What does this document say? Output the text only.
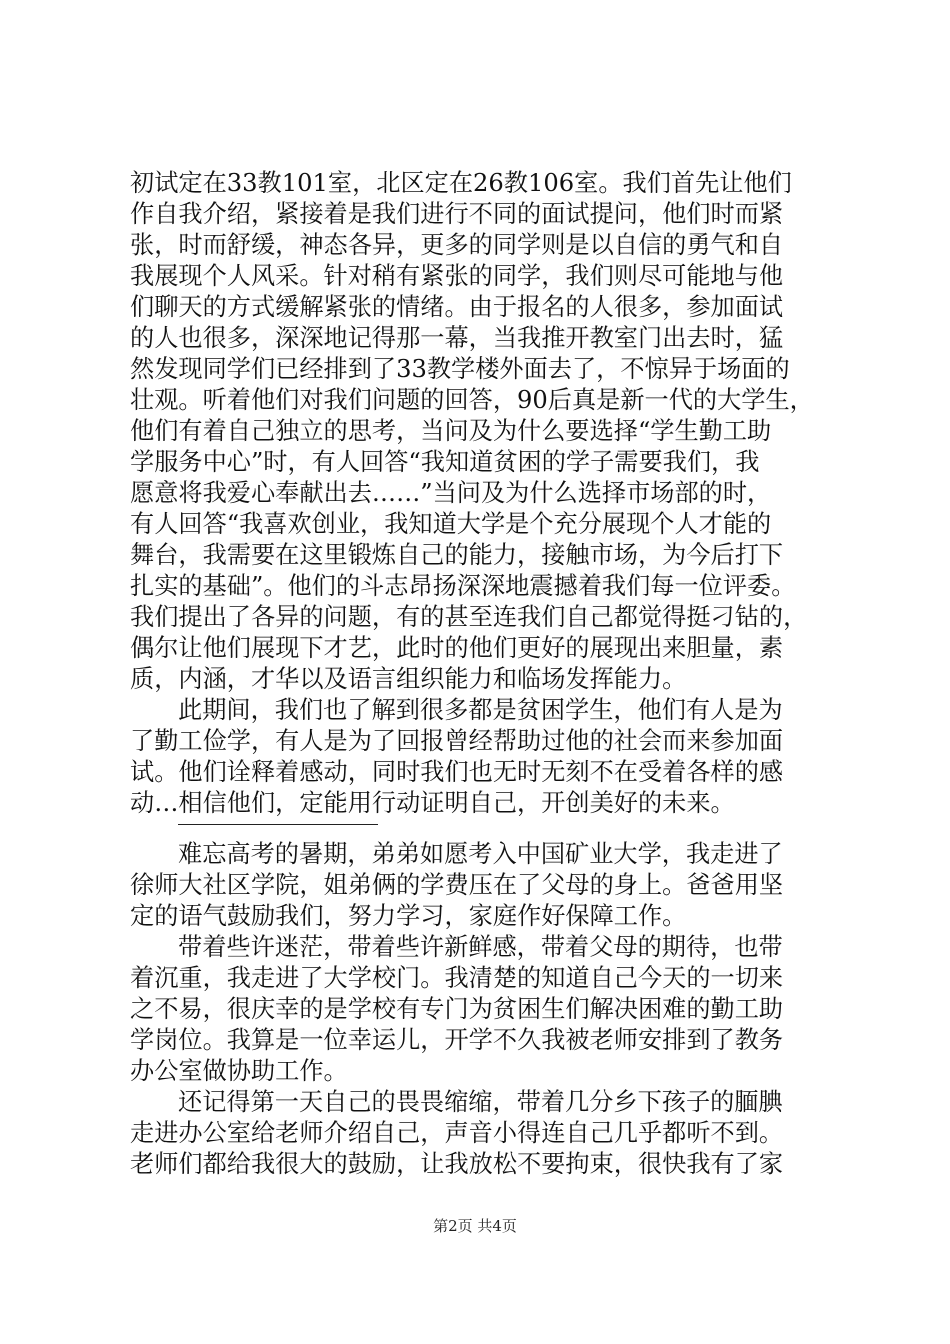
初试定在33教101室，北区定在26教106室。我们首先让他们
作自我介绍，紧接着是我们进行不同的面试提问，他们时而紧
张，时而舒缓，神态各异，更多的同学则是以自信的勇气和自
我展现个人风采。针对稍有紧张的同学，我们则尽可能地与他
们聊天的方式缓解紧张的情绪。由于报名的人很多，参加面试
的人也很多，深深地记得那一幕，当我推开教室门出去时，猛
然发现同学们已经排到了33教学楼外面去了，不惊异于场面的
壮观。听着他们对我们问题的回答，90后真是新一代的大学生，
他们有着自己独立的思考，当问及为什么要选择“学生勤工助
学服务中心”时，有人回答“我知道贫困的学子需要我们，我
愿意将我爱心奉献出去……”当问及为什么选择市场部的时，
有人回答“我喜欢创业，我知道大学是个充分展现个人才能的
舞台，我需要在这里锻炼自己的能力，接触市场，为今后打下
扎实的基础”。他们的斗志昂扬深深地震撼着我们每一位评委。
我们提出了各异的问题，有的甚至连我们自己都觉得挺刁钻的，
偶尔让他们展现下才艺，此时的他们更好的展现出来胆量，素
质，内涵，才华以及语言组织能力和临场发挥能力。
此期间，我们也了解到很多都是贫困学生，他们有人是为
了勤工俭学，有人是为了回报曾经帮助过他的社会而来参加面
试。他们诠释着感动，同时我们也无时无刻不在受着各样的感
动…相信他们，定能用行动证明自己，开创美好的未来。
难忘高考的暑期，弟弟如愿考入中国矿业大学，我走进了
徐师大社区学院，姐弟俩的学费压在了父母的身上。爸爸用坚
定的语气鼓励我们，努力学习，家庭作好保障工作。
带着些许迷茫，带着些许新鲜感，带着父母的期待，也带
着沉重，我走进了大学校门。我清楚的知道自己今天的一切来
之不易，很庆幸的是学校有专门为贫困生们解决困难的勤工助
学岗位。我算是一位幸运儿，开学不久我被老师安排到了教务
办公室做协助工作。
还记得第一天自己的畏畏缩缩，带着几分乡下孩子的腼腆
走进办公室给老师介绍自己，声音小得连自己几乎都听不到。
老师们都给我很大的鼓励，让我放松不要拘束，很快我有了家
第2页 共4页
